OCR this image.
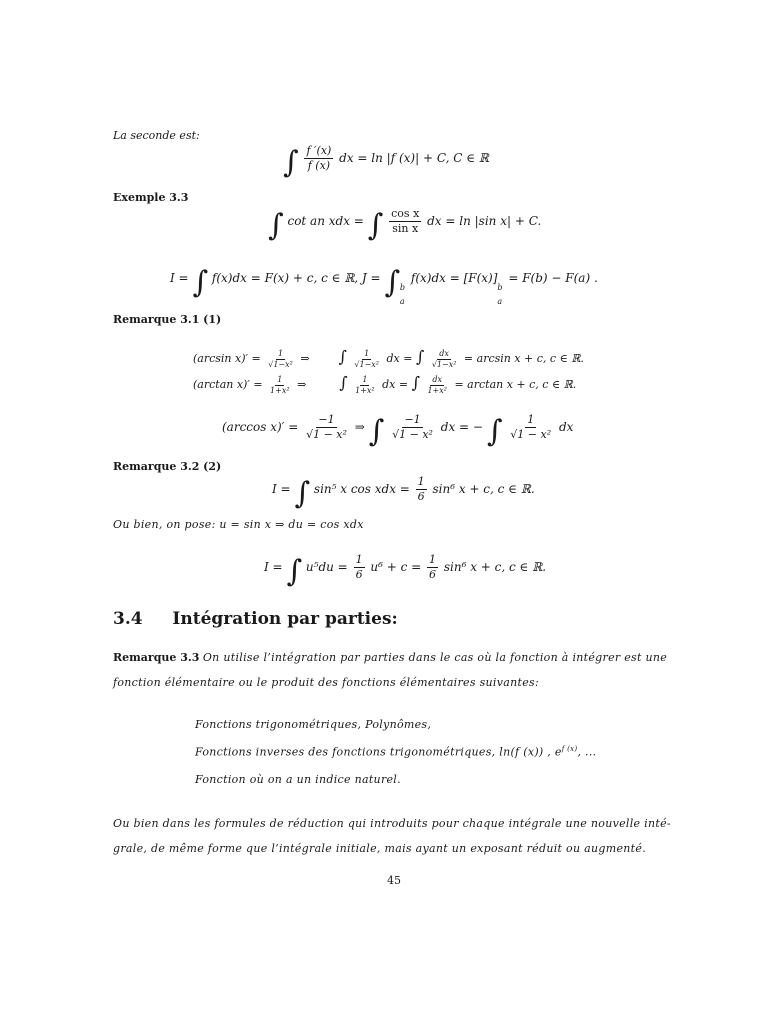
La seconde est:
∫ $\frac{f '(x)}{f (x)}$ dx = ln |f (x)| + C, C ∈ ℝ
Exemple 3.3
∫ cot an xdx = ∫ $\frac{\text{cos x}}{\text{sin x}}$ dx = ln |sin x| + C.
I = ∫ f(x)dx = F(x) + c, c ∈ ℝ, J = ∫ b
a
f(x)dx = [F(x)]
b
a
= F(b) − F(a) .
Remarque 3.1 (1)
(arcsin $x)' = \frac{1}{\text{√1−x²}}$ ⇒ ∫ $\frac{1}{\text{√1−x²}}$ dx = ∫ $\frac{dx}{\text{√1−x²}} = \arcsin x + c$, c ∈ ℝ.
(arctan $x)' = \frac{1}{\text{1+x²}}$ ⇒ ∫ $\frac{1}{\text{1+x²}}$ dx = ∫ $\frac{dx}{\text{1+x²}} = \arctan x + c$, c ∈ ℝ.
(arccos $x)' = \frac{-1}{\text{√1 − x²}}$ ⇒ ∫ $\frac{-1}{\text{√1 − x²}}$ dx = − ∫ $\frac{1}{\text{√1 − x²}}$ dx
Remarque 3.2 (2)
I = ∫ sin⁵ x cos xdx = $\frac{1}{6} \sin^6$ x + c, c ∈ ℝ.
Ou bien, on pose: u = sin x ⇒ du = cos xdx
I = ∫ $u^5du = \frac{1}{6} u^6 + c = \frac{1}{6} \sin^6$ x + c, c ∈ ℝ.
3.4 Intégration par parties:
Remarque 3.3 On utilise l’intégration par parties dans le cas où la fonction à intégrer est une
fonction élémentaire ou le produit des fonctions élémentaires suivantes:
Fonctions trigonométriques, Polynômes,
Fonctions inverses des fonctions trigonométriques, ln(f (x)) , $e^{f (x)}$, ...
Fonction où on a un indice naturel.
Ou bien dans les formules de réduction qui introduits pour chaque intégrale une nouvelle inté-
grale, de même forme que l’intégrale initiale, mais ayant un exposant réduit ou augmenté.
45
